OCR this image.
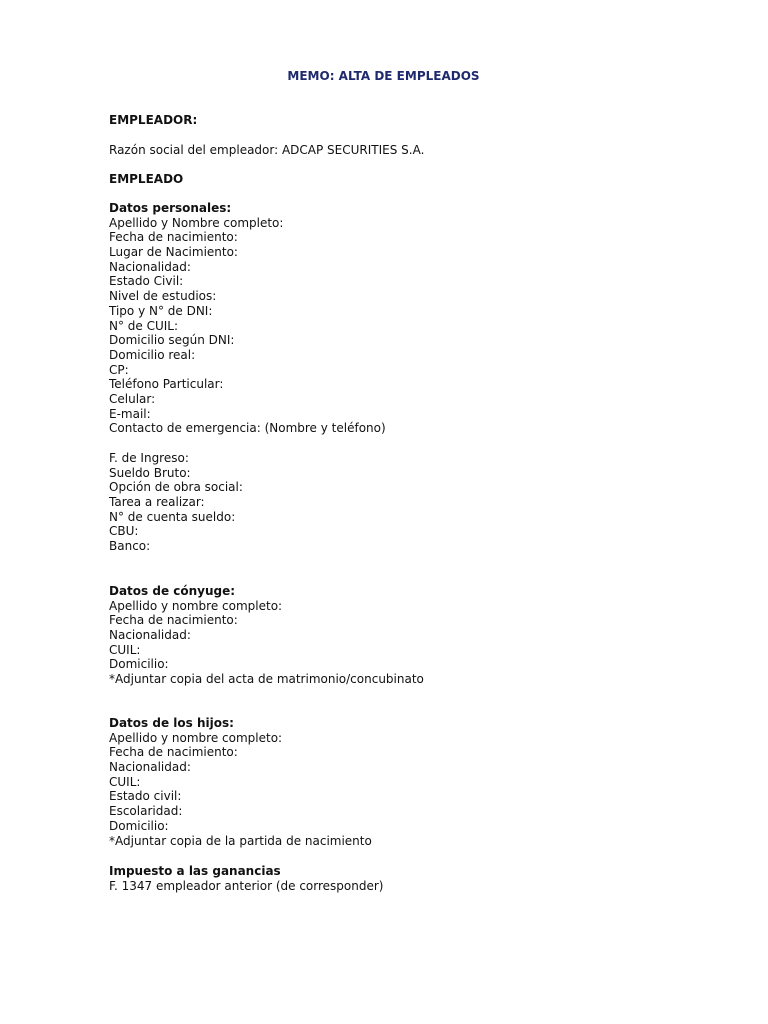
MEMO: ALTA DE EMPLEADOS
EMPLEADOR:
Razón social del empleador: ADCAP SECURITIES S.A.
EMPLEADO
Datos personales:
Apellido y Nombre completo:
Fecha de nacimiento:
Lugar de Nacimiento:
Nacionalidad:
Estado Civil:
Nivel de estudios:
Tipo y N° de DNI:
N° de CUIL:
Domicilio según DNI:
Domicilio real:
CP:
Teléfono Particular:
Celular:
E-mail:
Contacto de emergencia: (Nombre y teléfono)
F. de Ingreso:
Sueldo Bruto:
Opción de obra social:
Tarea a realizar:
N° de cuenta sueldo:
CBU:
Banco:
Datos de cónyuge:
Apellido y nombre completo:
Fecha de nacimiento:
Nacionalidad:
CUIL:
Domicilio:
*Adjuntar copia del acta de matrimonio/concubinato
Datos de los hijos:
Apellido y nombre completo:
Fecha de nacimiento:
Nacionalidad:
CUIL:
Estado civil:
Escolaridad:
Domicilio:
*Adjuntar copia de la partida de nacimiento
Impuesto a las ganancias
F. 1347 empleador anterior (de corresponder)
